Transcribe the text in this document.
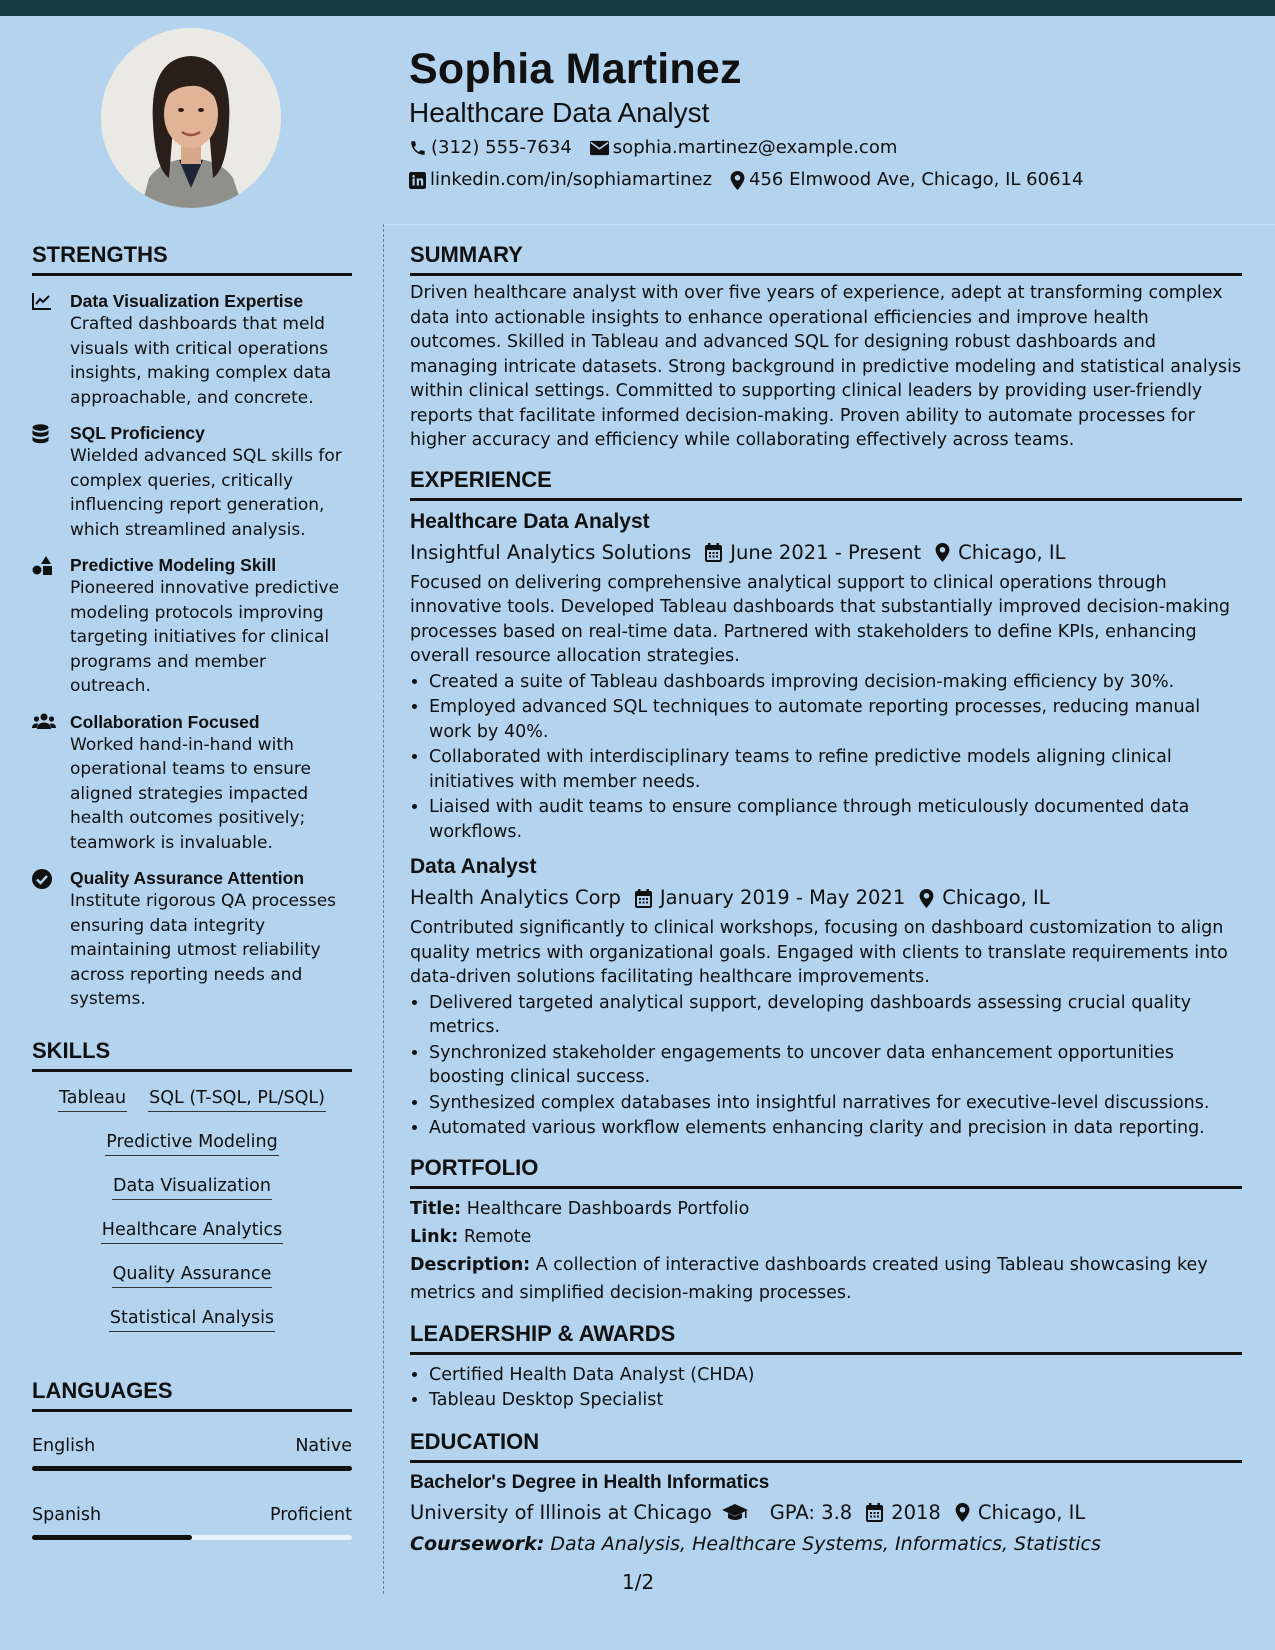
Sophia Martinez
Healthcare Data Analyst
(312) 555-7634 sophia.martinez@example.com
linkedin.com/in/sophiamartinez 456 Elmwood Ave, Chicago, IL 60614
STRENGTHS
Data Visualization Expertise
Crafted dashboards that meld visuals with critical operations insights, making complex data approachable, and concrete.
SQL Proficiency
Wielded advanced SQL skills for complex queries, critically influencing report generation, which streamlined analysis.
Predictive Modeling Skill
Pioneered innovative predictive modeling protocols improving targeting initiatives for clinical programs and member outreach.
Collaboration Focused
Worked hand-in-hand with operational teams to ensure aligned strategies impacted health outcomes positively; teamwork is invaluable.
Quality Assurance Attention
Institute rigorous QA processes ensuring data integrity maintaining utmost reliability across reporting needs and systems.
SKILLS
Tableau SQL (T-SQL, PL/SQL)
Predictive Modeling
Data Visualization
Healthcare Analytics
Quality Assurance
Statistical Analysis
LANGUAGES
English	Native
Spanish	Proficient
SUMMARY
Driven healthcare analyst with over five years of experience, adept at transforming complex data into actionable insights to enhance operational efficiencies and improve health outcomes. Skilled in Tableau and advanced SQL for designing robust dashboards and managing intricate datasets. Strong background in predictive modeling and statistical analysis within clinical settings. Committed to supporting clinical leaders by providing user-friendly reports that facilitate informed decision-making. Proven ability to automate processes for higher accuracy and efficiency while collaborating effectively across teams.
EXPERIENCE
Healthcare Data Analyst
Insightful Analytics Solutions June 2021 - Present Chicago, IL
Focused on delivering comprehensive analytical support to clinical operations through innovative tools. Developed Tableau dashboards that substantially improved decision-making processes based on real-time data. Partnered with stakeholders to define KPIs, enhancing overall resource allocation strategies.
• Created a suite of Tableau dashboards improving decision-making efficiency by 30%.
• Employed advanced SQL techniques to automate reporting processes, reducing manual work by 40%.
• Collaborated with interdisciplinary teams to refine predictive models aligning clinical initiatives with member needs.
• Liaised with audit teams to ensure compliance through meticulously documented data workflows.
Data Analyst
Health Analytics Corp January 2019 - May 2021 Chicago, IL
Contributed significantly to clinical workshops, focusing on dashboard customization to align quality metrics with organizational goals. Engaged with clients to translate requirements into data-driven solutions facilitating healthcare improvements.
• Delivered targeted analytical support, developing dashboards assessing crucial quality metrics.
• Synchronized stakeholder engagements to uncover data enhancement opportunities boosting clinical success.
• Synthesized complex databases into insightful narratives for executive-level discussions.
• Automated various workflow elements enhancing clarity and precision in data reporting.
PORTFOLIO
Title: Healthcare Dashboards Portfolio
Link: Remote
Description: A collection of interactive dashboards created using Tableau showcasing key metrics and simplified decision-making processes.
LEADERSHIP & AWARDS
• Certified Health Data Analyst (CHDA)
• Tableau Desktop Specialist
EDUCATION
Bachelor's Degree in Health Informatics
University of Illinois at Chicago	GPA: 3.8 2018 Chicago, IL
Coursework: Data Analysis, Healthcare Systems, Informatics, Statistics
1/2
